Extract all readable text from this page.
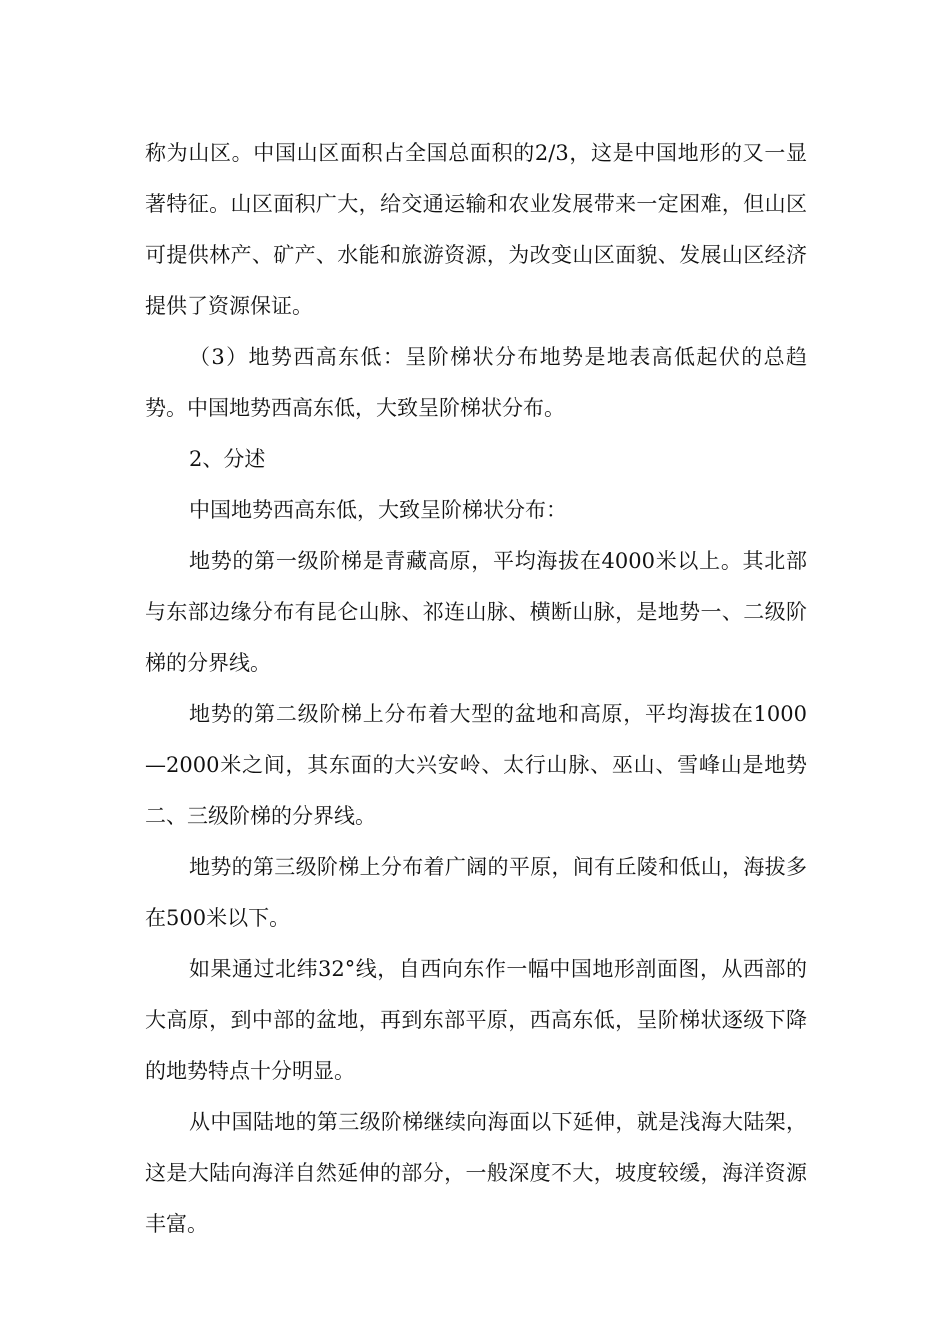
称为山区。中国山区面积占全国总面积的2/3，这是中国地形的又一显著特征。山区面积广大，给交通运输和农业发展带来一定困难，但山区可提供林产、矿产、水能和旅游资源，为改变山区面貌、发展山区经济提供了资源保证。

（3）地势西高东低：呈阶梯状分布地势是地表高低起伏的总趋势。中国地势西高东低，大致呈阶梯状分布。

2、分述

中国地势西高东低，大致呈阶梯状分布：

地势的第一级阶梯是青藏高原，平均海拔在4000米以上。其北部与东部边缘分布有昆仑山脉、祁连山脉、横断山脉，是地势一、二级阶梯的分界线。

地势的第二级阶梯上分布着大型的盆地和高原，平均海拔在1000—2000米之间，其东面的大兴安岭、太行山脉、巫山、雪峰山是地势二、三级阶梯的分界线。

地势的第三级阶梯上分布着广阔的平原，间有丘陵和低山，海拔多在500米以下。

如果通过北纬32°线，自西向东作一幅中国地形剖面图，从西部的大高原，到中部的盆地，再到东部平原，西高东低，呈阶梯状逐级下降的地势特点十分明显。

从中国陆地的第三级阶梯继续向海面以下延伸，就是浅海大陆架，这是大陆向海洋自然延伸的部分，一般深度不大，坡度较缓，海洋资源丰富。
